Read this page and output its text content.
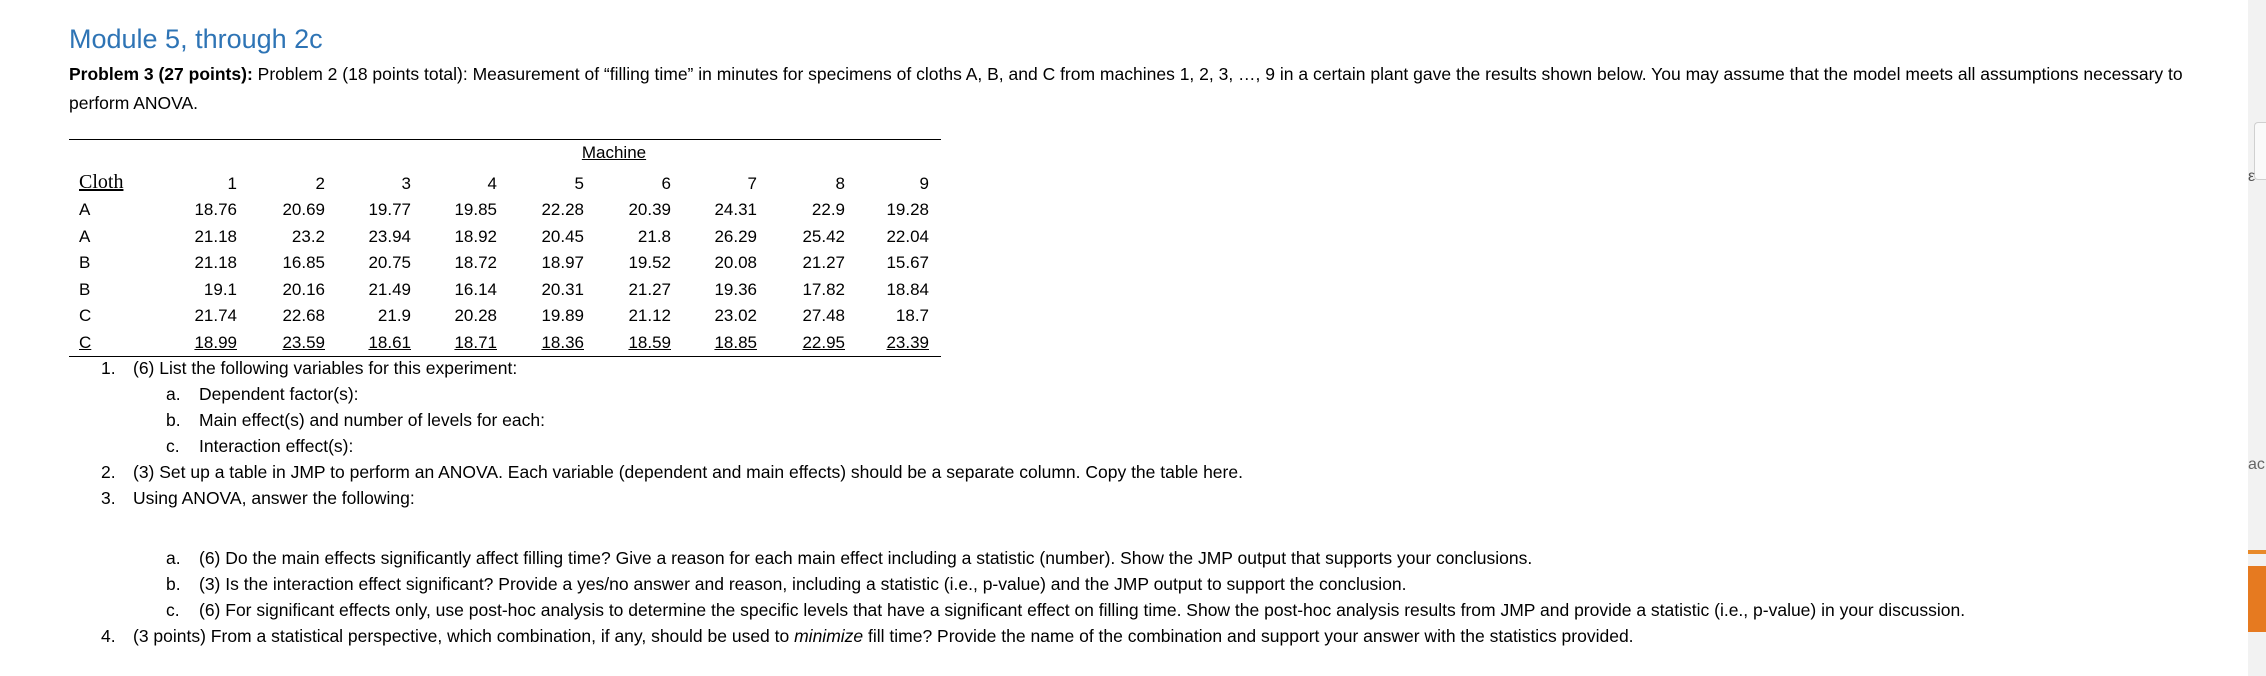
Module 5, through 2c
Problem 3 (27 points): Problem 2 (18 points total): Measurement of “filling time” in minutes for specimens of cloths A, B, and C from machines 1, 2, 3, …, 9 in a certain plant gave the results shown below. You may assume that the model meets all assumptions necessary to perform ANOVA.
Machine
Cloth	1	2	3	4	5	6	7	8	9
A	18.76	20.69	19.77	19.85	22.28	20.39	24.31	22.9	19.28
A	21.18	23.2	23.94	18.92	20.45	21.8	26.29	25.42	22.04
B	21.18	16.85	20.75	18.72	18.97	19.52	20.08	21.27	15.67
B	19.1	20.16	21.49	16.14	20.31	21.27	19.36	17.82	18.84
C	21.74	22.68	21.9	20.28	19.89	21.12	23.02	27.48	18.7
C	18.99	23.59	18.61	18.71	18.36	18.59	18.85	22.95	23.39
1. (6) List the following variables for this experiment:
a. Dependent factor(s):
b. Main effect(s) and number of levels for each:
c. Interaction effect(s):
2. (3) Set up a table in JMP to perform an ANOVA. Each variable (dependent and main effects) should be a separate column. Copy the table here.
3. Using ANOVA, answer the following:
a. (6) Do the main effects significantly affect filling time? Give a reason for each main effect including a statistic (number). Show the JMP output that supports your conclusions.
b. (3) Is the interaction effect significant? Provide a yes/no answer and reason, including a statistic (i.e., p-value) and the JMP output to support the conclusion.
c. (6) For significant effects only, use post-hoc analysis to determine the specific levels that have a significant effect on filling time. Show the post-hoc analysis results from JMP and provide a statistic (i.e., p-value) in your discussion.
4. (3 points) From a statistical perspective, which combination, if any, should be used to minimize fill time? Provide the name of the combination and support your answer with the statistics provided.
ε
ac
